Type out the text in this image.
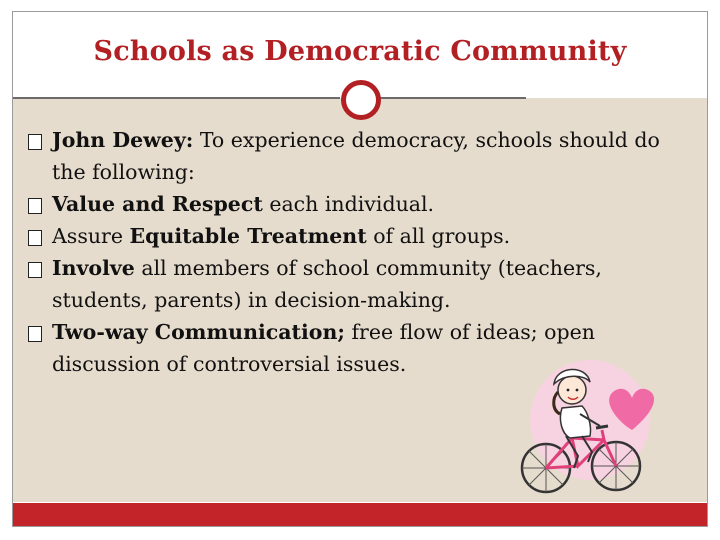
Schools as Democratic Community
John Dewey: To experience democracy, schools should do the following:
Value and Respect each individual.
Assure Equitable Treatment of all groups.
Involve all members of school community (teachers, students, parents) in decision-making.
Two-way Communication; free flow of ideas; open discussion of controversial issues.
